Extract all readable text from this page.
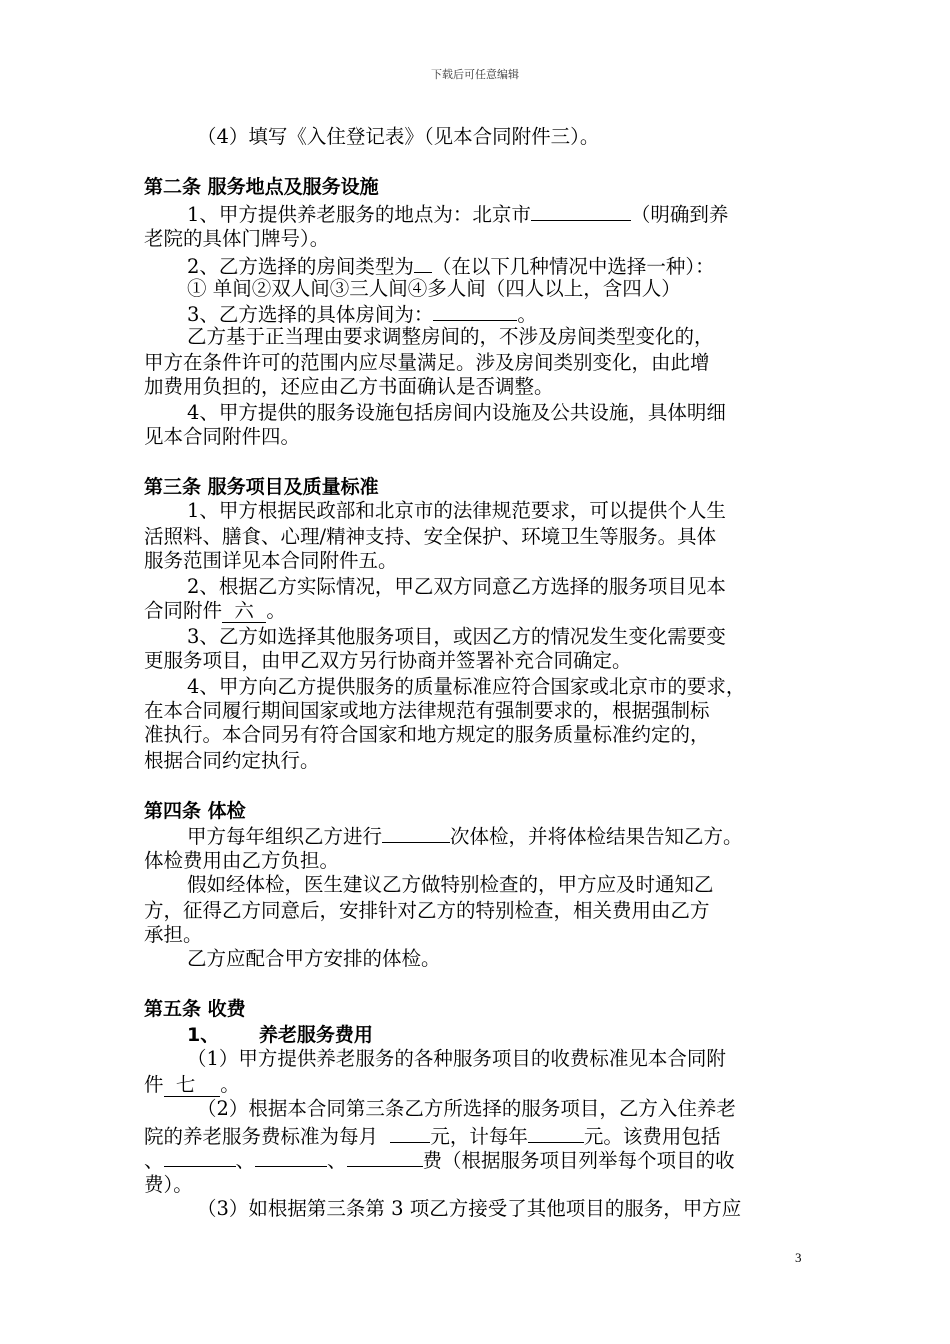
下载后可任意编辑
（4）填写《入住登记表》（见本合同附件三）。
第二条 服务地点及服务设施
1、甲方提供养老服务的地点为：北京市	（明确到养
老院的具体门牌号）。
2、乙方选择的房间类型为 （在以下几种情况中选择一种）：
① 单间②双人间③三人间④多人间（四人以上，含四人）
3、乙方选择的具体房间为：	。
乙方基于正当理由要求调整房间的，不涉及房间类型变化的，
甲方在条件许可的范围内应尽量满足。涉及房间类别变化，由此增
加费用负担的，还应由乙方书面确认是否调整。
4、甲方提供的服务设施包括房间内设施及公共设施，具体明细
见本合同附件四。
第三条 服务项目及质量标准
1、甲方根据民政部和北京市的法律规范要求，可以提供个人生
活照料、膳食、心理/精神支持、安全保护、环境卫生等服务。具体
服务范围详见本合同附件五。
2、根据乙方实际情况，甲乙双方同意乙方选择的服务项目见本
合同附件  六  。
3、乙方如选择其他服务项目，或因乙方的情况发生变化需要变
更服务项目，由甲乙双方另行协商并签署补充合同确定。
4、甲方向乙方提供服务的质量标准应符合国家或北京市的要求，
在本合同履行期间国家或地方法律规范有强制要求的，根据强制标
准执行。本合同另有符合国家和地方规定的服务质量标准约定的，
根据合同约定执行。
第四条 体检
甲方每年组织乙方进行	次体检，并将体检结果告知乙方。
体检费用由乙方负担。
假如经体检，医生建议乙方做特别检查的，甲方应及时通知乙
方，征得乙方同意后，安排针对乙方的特别检查，相关费用由乙方
承担。
乙方应配合甲方安排的体检。
第五条 收费
1、      养老服务费用
（1）甲方提供养老服务的各种服务项目的收费标准见本合同附
件  七    。
（2）根据本合同第三条乙方所选择的服务项目，乙方入住养老
院的养老服务费标准为每月  元，计每年	元。该费用包括
、	、	、	费（根据服务项目列举每个项目的收
费）。
（3）如根据第三条第 3 项乙方接受了其他项目的服务，甲方应
3
